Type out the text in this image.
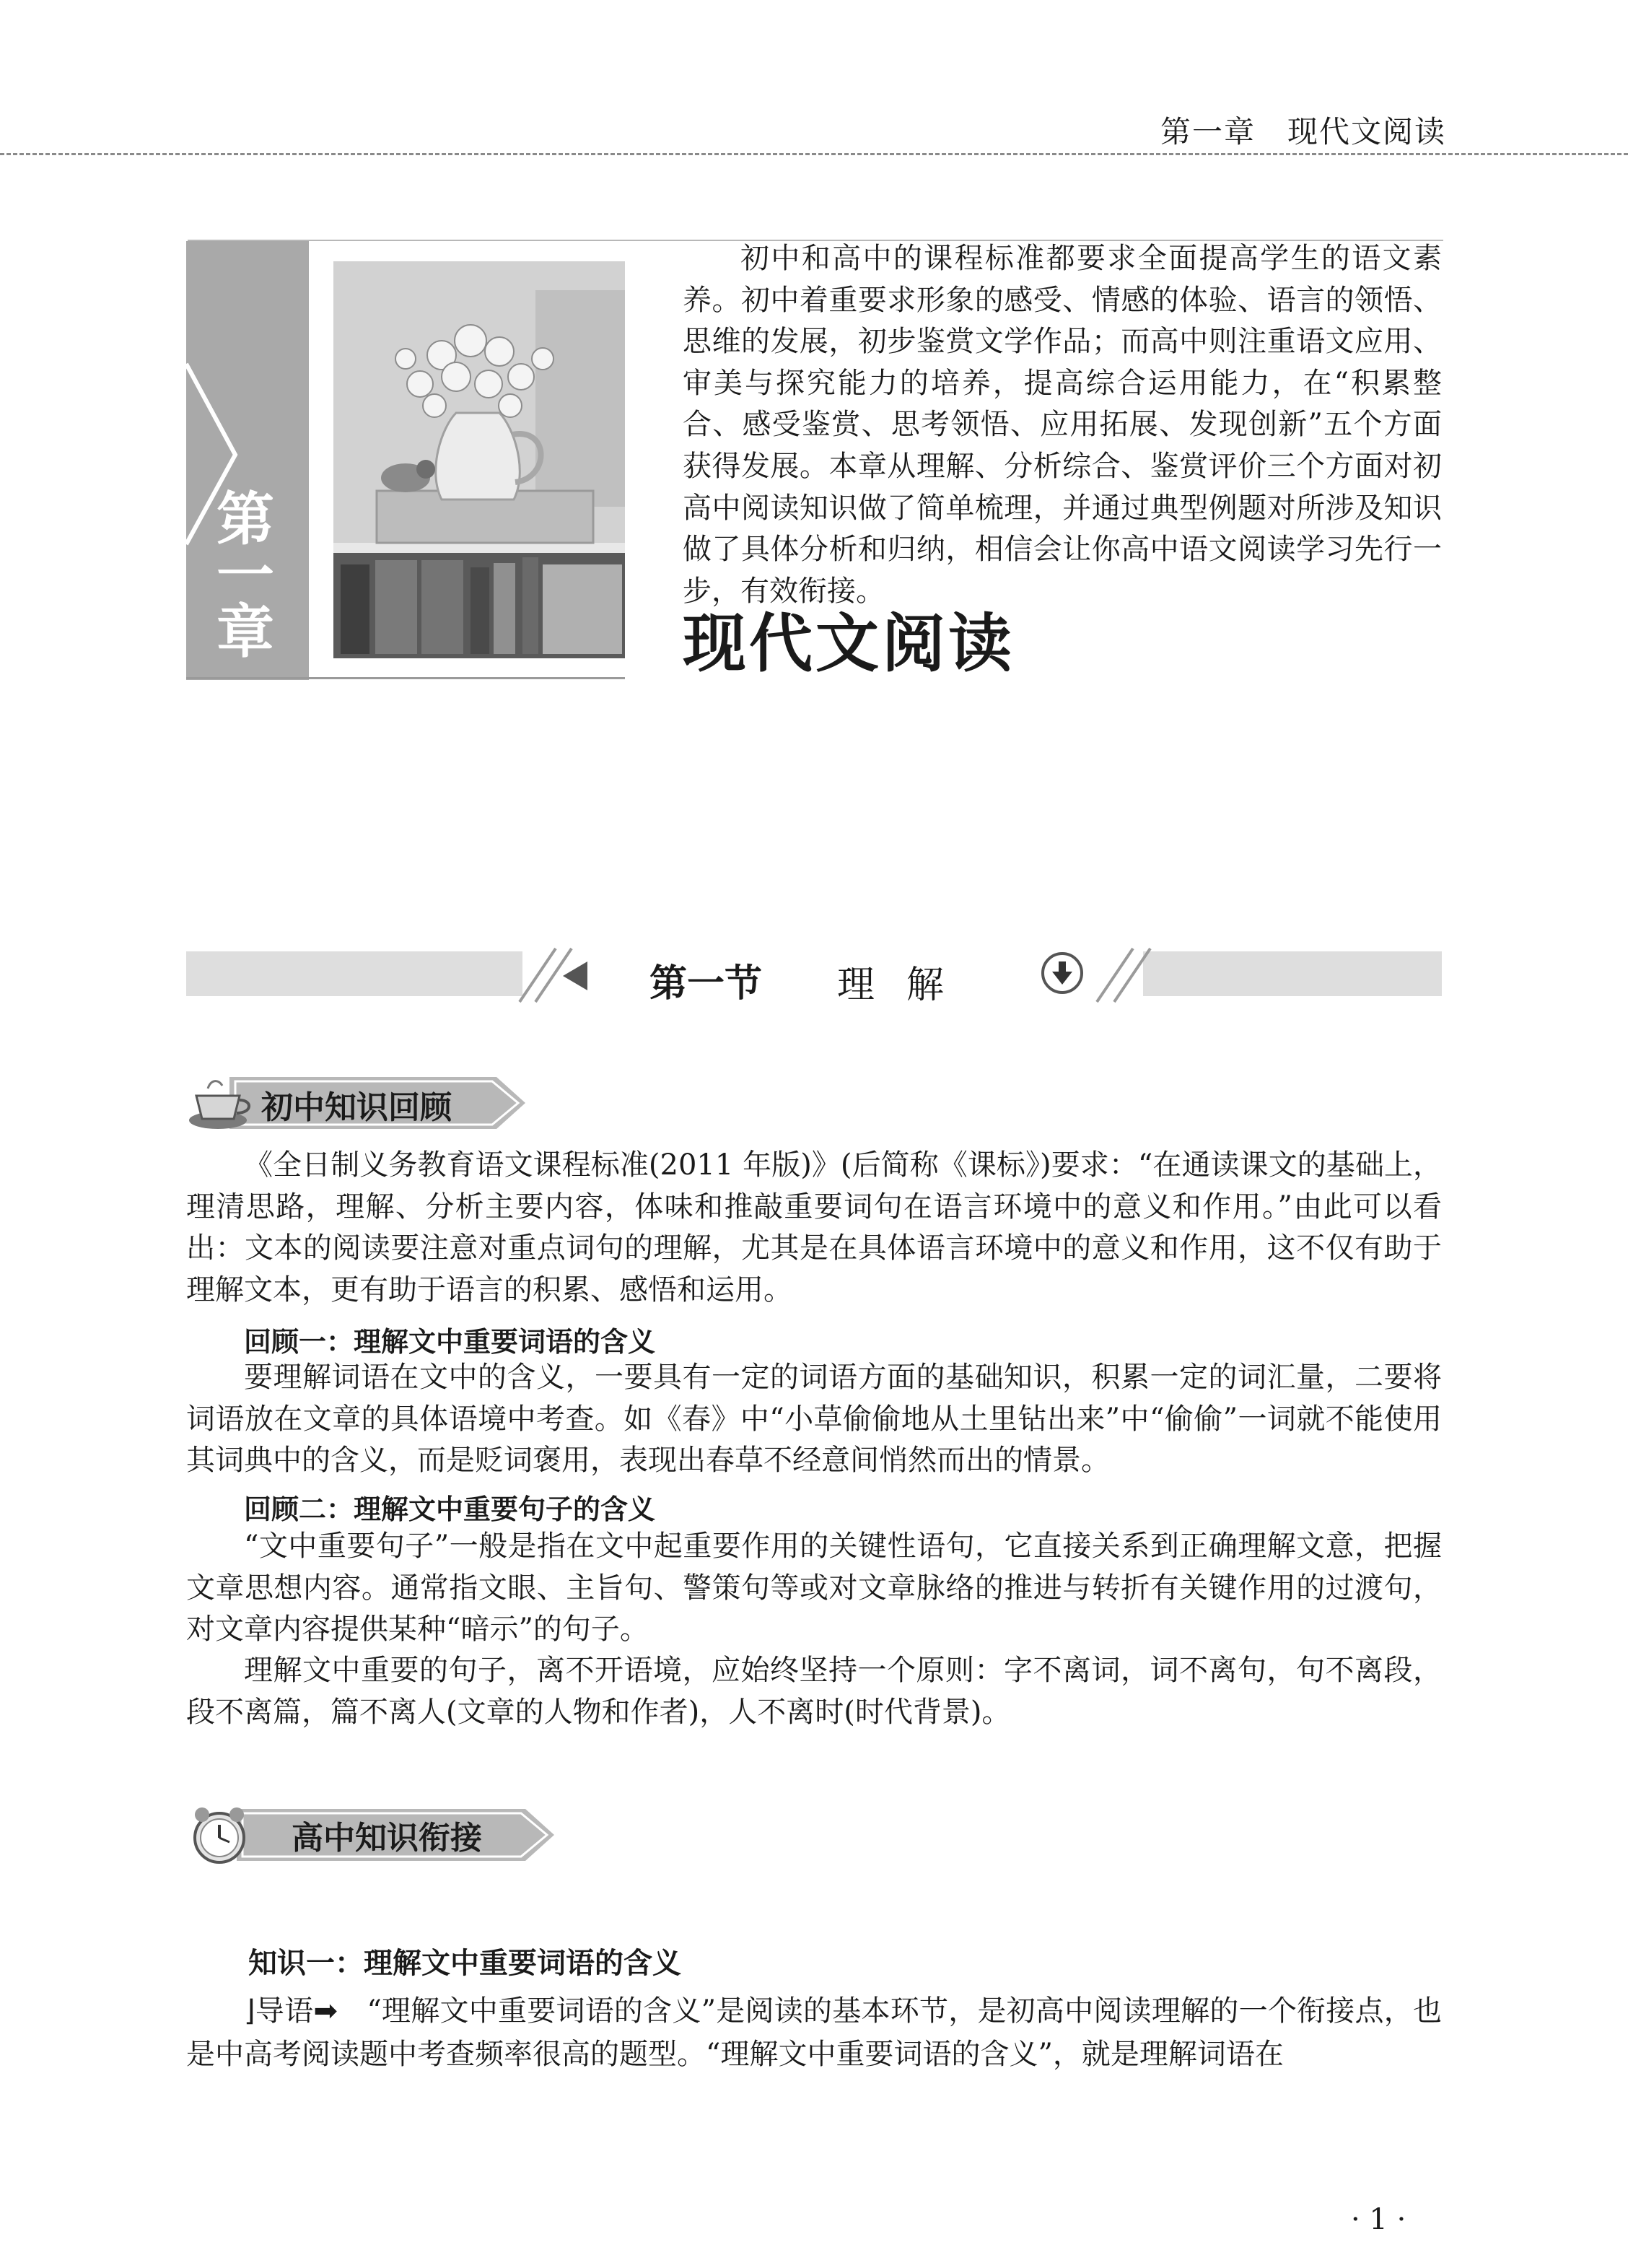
第一章　现代文阅读
第
一
章
初中和高中的课程标准都要求全面提高学生的语文素养。初中着重要求形象的感受、情感的体验、语言的领悟、思维的发展，初步鉴赏文学作品；而高中则注重语文应用、审美与探究能力的培养，提高综合运用能力，在“积累整合、感受鉴赏、思考领悟、应用拓展、发现创新”五个方面获得发展。本章从理解、分析综合、鉴赏评价三个方面对初高中阅读知识做了简单梳理，并通过典型例题对所涉及知识做了具体分析和归纳，相信会让你高中语文阅读学习先行一步，有效衔接。
现代文阅读
第一节 理解
初中知识回顾
《全日制义务教育语文课程标准(2011 年版)》(后简称《课标》)要求：“在通读课文的基础上，理清思路，理解、分析主要内容，体味和推敲重要词句在语言环境中的意义和作用。”由此可以看出：文本的阅读要注意对重点词句的理解，尤其是在具体语言环境中的意义和作用，这不仅有助于理解文本，更有助于语言的积累、感悟和运用。
回顾一：理解文中重要词语的含义
要理解词语在文中的含义，一要具有一定的词语方面的基础知识，积累一定的词汇量，二要将词语放在文章的具体语境中考查。如《春》中“小草偷偷地从土里钻出来”中“偷偷”一词就不能使用其词典中的含义，而是贬词褒用，表现出春草不经意间悄然而出的情景。
回顾二：理解文中重要句子的含义
“文中重要句子”一般是指在文中起重要作用的关键性语句，它直接关系到正确理解文意，把握文章思想内容。通常指文眼、主旨句、警策句等或对文章脉络的推进与转折有关键作用的过渡句，对文章内容提供某种“暗示”的句子。
理解文中重要的句子，离不开语境，应始终坚持一个原则：字不离词，词不离句，句不离段，段不离篇，篇不离人(文章的人物和作者)，人不离时(时代背景)。
高中知识衔接
知识一：理解文中重要词语的含义
⌋导语➡　 “理解文中重要词语的含义”是阅读的基本环节，是初高中阅读理解的一个衔接点，也是中高考阅读题中考查频率很高的题型。“理解文中重要词语的含义”，就是理解词语在
· 1 ·
